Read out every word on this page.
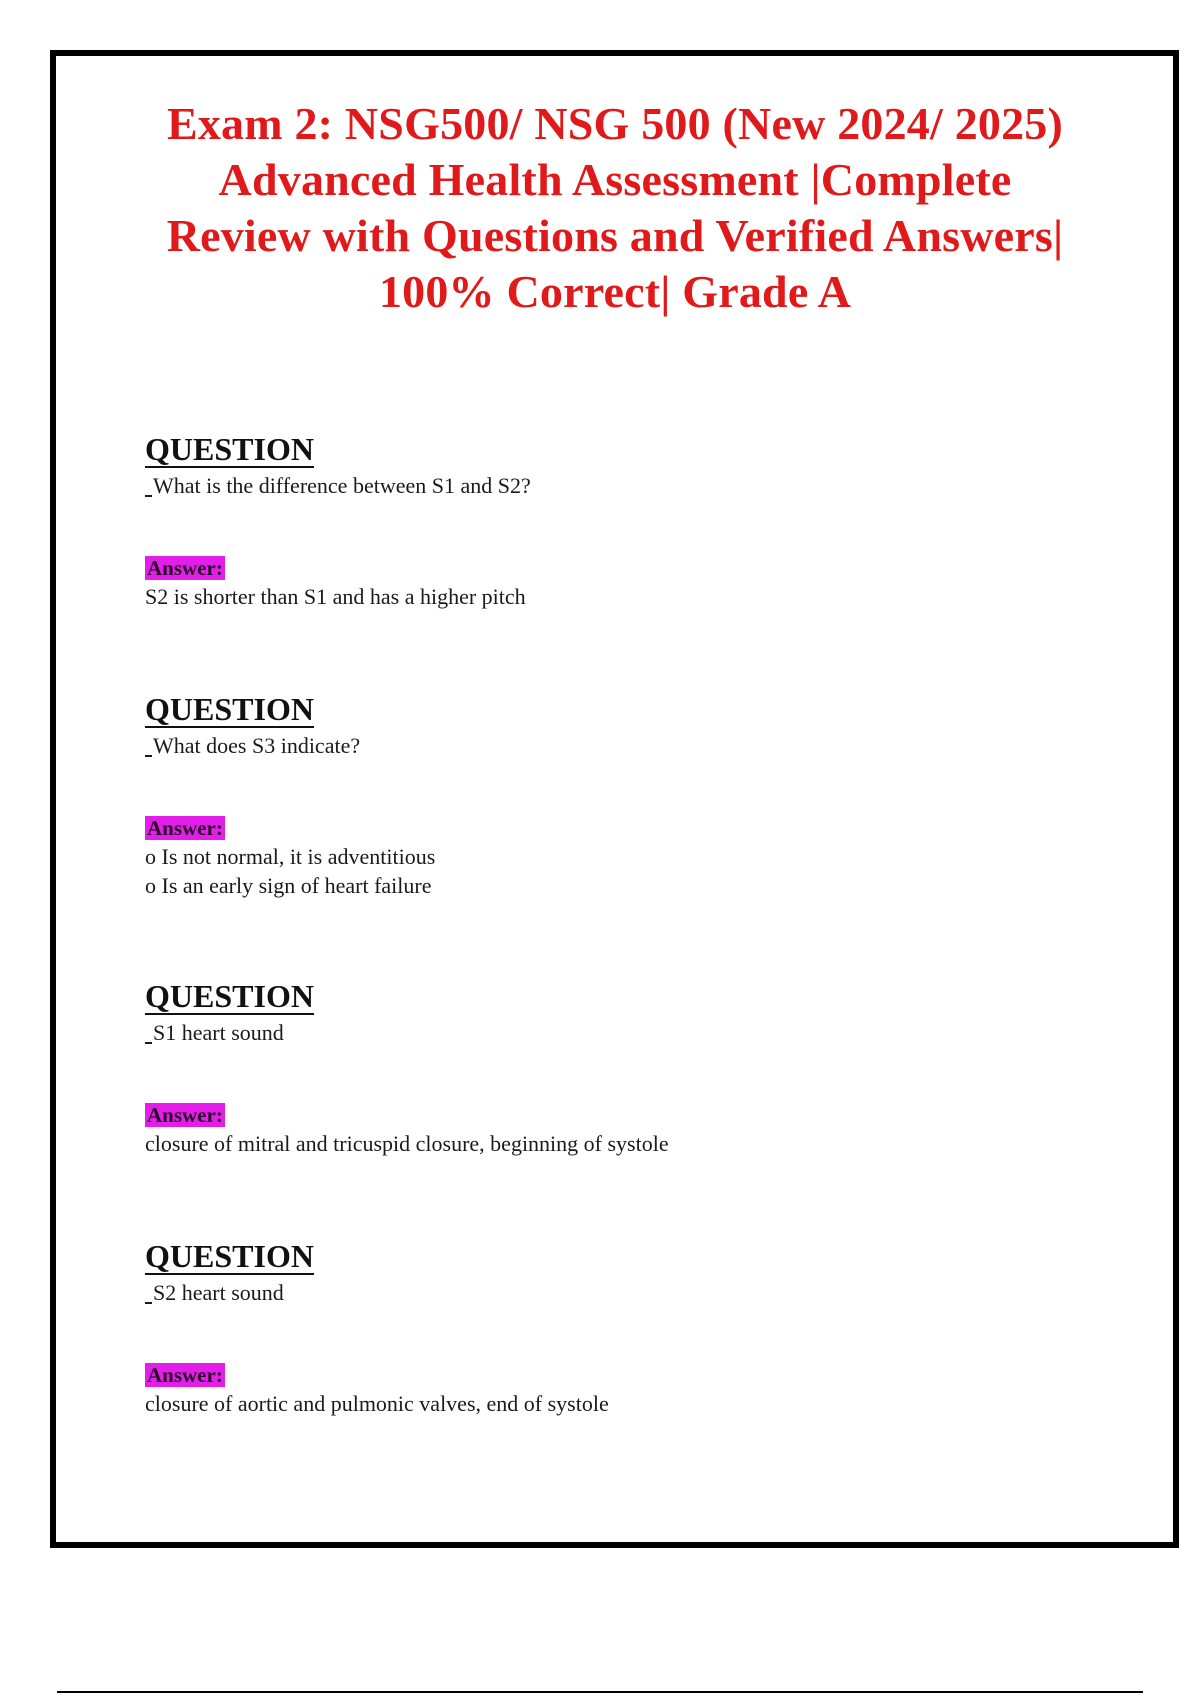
Exam 2: NSG500/ NSG 500 (New 2024/ 2025)
Advanced Health Assessment |Complete
Review with Questions and Verified Answers|
100% Correct| Grade A
QUESTION
What is the difference between S1 and S2?
Answer:
S2 is shorter than S1 and has a higher pitch
QUESTION
What does S3 indicate?
Answer:
o Is not normal, it is adventitious
o Is an early sign of heart failure
QUESTION
S1 heart sound
Answer:
closure of mitral and tricuspid closure, beginning of systole
QUESTION
S2 heart sound
Answer:
closure of aortic and pulmonic valves, end of systole
